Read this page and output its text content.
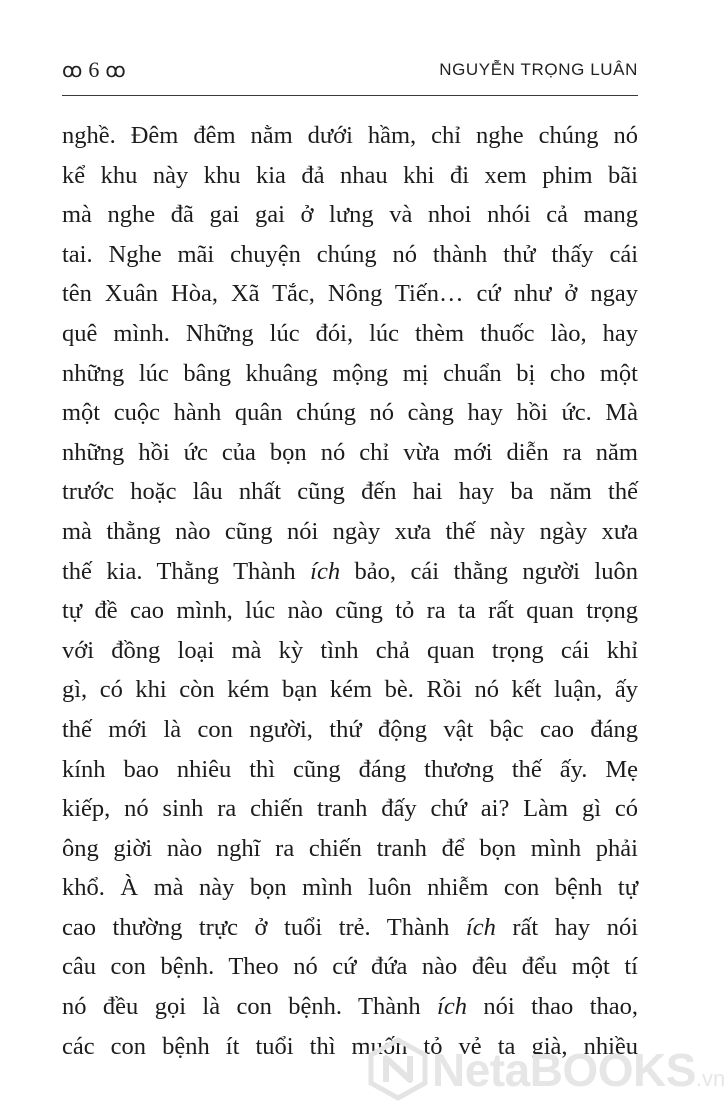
ꝏ 6 ꝏ	NGUYỄN TRỌNG LUÂN
nghề. Đêm đêm nằm dưới hầm, chỉ nghe chúng nó
kể khu này khu kia đả nhau khi đi xem phim bãi
mà nghe đã gai gai ở lưng và nhoi nhói cả mang
tai. Nghe mãi chuyện chúng nó thành thử thấy cái
tên Xuân Hòa, Xã Tắc, Nông Tiến… cứ như ở ngay
quê mình. Những lúc đói, lúc thèm thuốc lào, hay
những lúc bâng khuâng mộng mị chuẩn bị cho một
một cuộc hành quân chúng nó càng hay hồi ức. Mà
những hồi ức của bọn nó chỉ vừa mới diễn ra năm
trước hoặc lâu nhất cũng đến hai hay ba năm thế
mà thằng nào cũng nói ngày xưa thế này ngày xưa
thế kia. Thằng Thành ích bảo, cái thằng người luôn
tự đề cao mình, lúc nào cũng tỏ ra ta rất quan trọng
với đồng loại mà kỳ tình chả quan trọng cái khỉ
gì, có khi còn kém bạn kém bè. Rồi nó kết luận, ấy
thế mới là con người, thứ động vật bậc cao đáng
kính bao nhiêu thì cũng đáng thương thế ấy. Mẹ
kiếp, nó sinh ra chiến tranh đấy chứ ai? Làm gì có
ông giời nào nghĩ ra chiến tranh để bọn mình phải
khổ. À mà này bọn mình luôn nhiễm con bệnh tự
cao thường trực ở tuổi trẻ. Thành ích rất hay nói
câu con bệnh. Theo nó cứ đứa nào đêu đểu một tí
nó đều gọi là con bệnh. Thành ích nói thao thao,
các con bệnh ít tuổi thì muốn tỏ vẻ ta già, nhiều
NetaBOOKS.vn
